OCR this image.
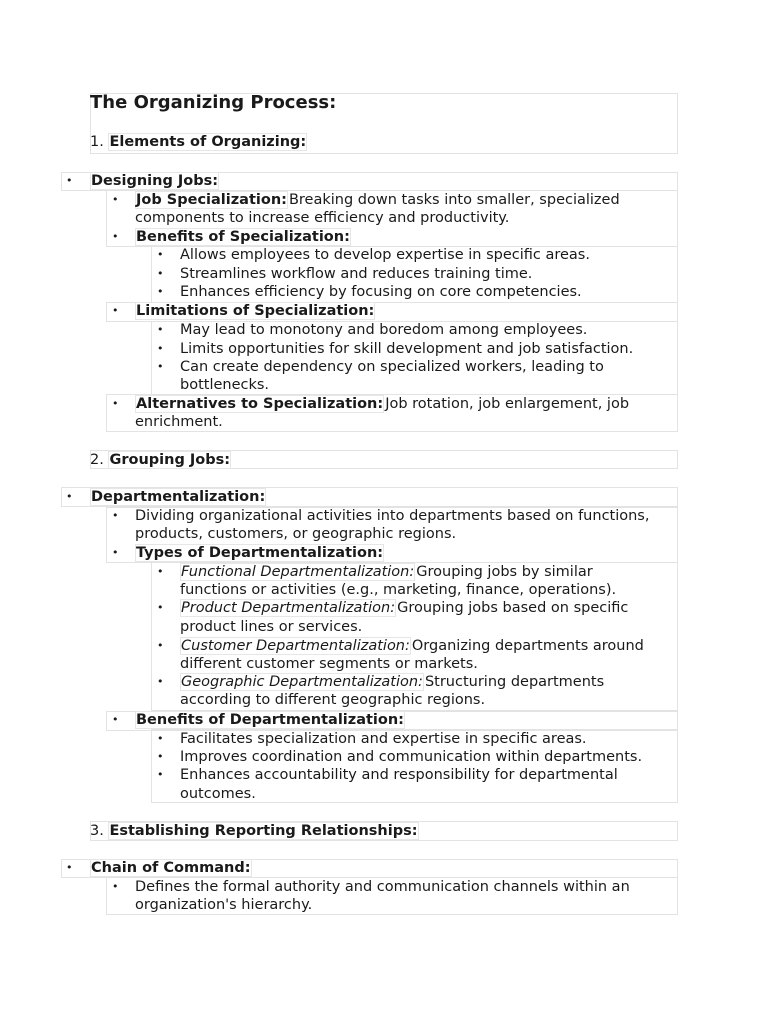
The Organizing Process:
1. Elements of Organizing:
• Designing Jobs:
• Job Specialization: Breaking down tasks into smaller, specialized
components to increase efficiency and productivity.
• Benefits of Specialization:
• Allows employees to develop expertise in specific areas.
• Streamlines workflow and reduces training time.
• Enhances efficiency by focusing on core competencies.
• Limitations of Specialization:
• May lead to monotony and boredom among employees.
• Limits opportunities for skill development and job satisfaction.
• Can create dependency on specialized workers, leading to
bottlenecks.
• Alternatives to Specialization: Job rotation, job enlargement, job
enrichment.
2. Grouping Jobs:
• Departmentalization:
• Dividing organizational activities into departments based on functions,
products, customers, or geographic regions.
• Types of Departmentalization:
• Functional Departmentalization: Grouping jobs by similar
functions or activities (e.g., marketing, finance, operations).
• Product Departmentalization: Grouping jobs based on specific
product lines or services.
• Customer Departmentalization: Organizing departments around
different customer segments or markets.
• Geographic Departmentalization: Structuring departments
according to different geographic regions.
• Benefits of Departmentalization:
• Facilitates specialization and expertise in specific areas.
• Improves coordination and communication within departments.
• Enhances accountability and responsibility for departmental
outcomes.
3. Establishing Reporting Relationships:
• Chain of Command:
• Defines the formal authority and communication channels within an
organization's hierarchy.
